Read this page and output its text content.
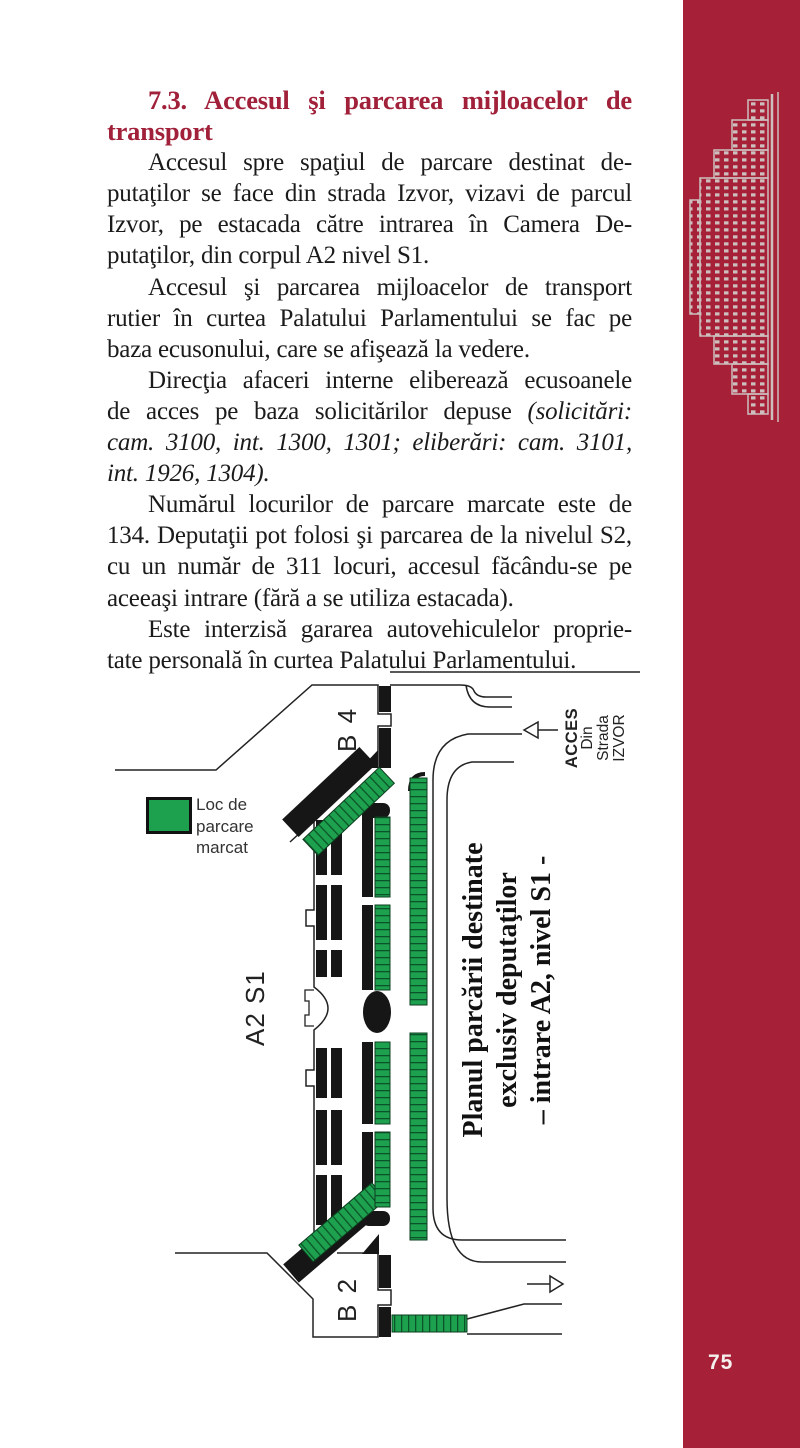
7.3. Accesul şi parcarea mijloacelor de
transport
Accesul spre spaţiul de parcare destinat de-
putaţilor se face din strada Izvor, vizavi de parcul
Izvor, pe estacada către intrarea în Camera De-
putaţilor, din corpul A2 nivel S1.
Accesul şi parcarea mijloacelor de transport
rutier în curtea Palatului Parlamentului se fac pe
baza ecusonului, care se afişează la vedere.
Direcţia afaceri interne eliberează ecusoanele
de acces pe baza solicitărilor depuse (solicitări:
cam. 3100, int. 1300, 1301; eliberări: cam. 3101,
int. 1926, 1304).
Numărul locurilor de parcare marcate este de
134. Deputaţii pot folosi şi parcarea de la nivelul S2,
cu un număr de 311 locuri, accesul făcându-se pe
aceeaşi intrare (fără a se utiliza estacada).
Este interzisă gararea autovehiculelor proprie-
tate personală în curtea Palatului Parlamentului.
Loc de
parcare
marcat
B 4
A2 S1
B 2
ACCES
Din Strada IZVOR
Planul parcării destinate exclusiv deputaţilor – intrare A2, nivel S1 -
75
